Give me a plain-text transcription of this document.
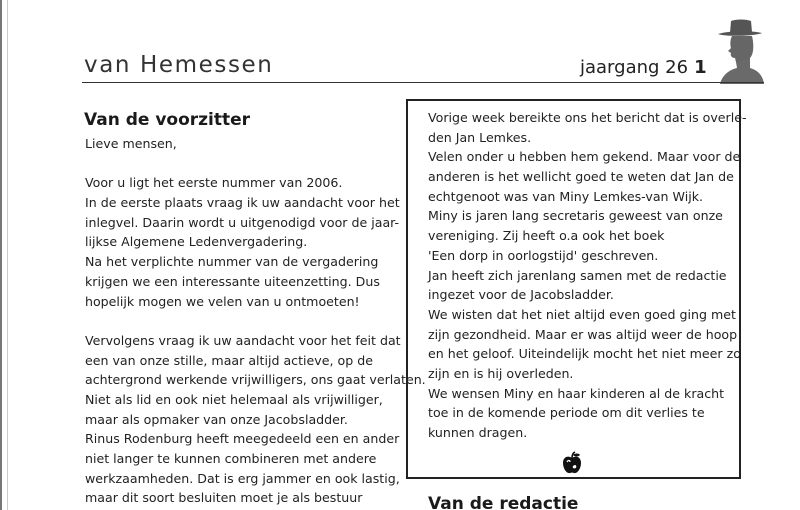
van Hemessen	jaargang 26 1
Van de voorzitter
Lieve mensen,
Voor u ligt het eerste nummer van 2006.
In de eerste plaats vraag ik uw aandacht voor het
inlegvel. Daarin wordt u uitgenodigd voor de jaar-
lijkse Algemene Ledenvergadering.
Na het verplichte nummer van de vergadering
krijgen we een interessante uiteenzetting. Dus
hopelijk mogen we velen van u ontmoeten!
Vervolgens vraag ik uw aandacht voor het feit dat
een van onze stille, maar altijd actieve, op de
achtergrond werkende vrijwilligers, ons gaat verlaten.
Niet als lid en ook niet helemaal als vrijwilliger,
maar als opmaker van onze Jacobsladder.
Rinus Rodenburg heeft meegedeeld een en ander
niet langer te kunnen combineren met andere
werkzaamheden. Dat is erg jammer en ook lastig,
maar dit soort besluiten moet je als bestuur
Vorige week bereikte ons het bericht dat is overle-
den Jan Lemkes.
Velen onder u hebben hem gekend. Maar voor de
anderen is het wellicht goed te weten dat Jan de
echtgenoot was van Miny Lemkes-van Wijk.
Miny is jaren lang secretaris geweest van onze
vereniging. Zij heeft o.a ook het boek
'Een dorp in oorlogstijd' geschreven.
Jan heeft zich jarenlang samen met de redactie
ingezet voor de Jacobsladder.
We wisten dat het niet altijd even goed ging met
zijn gezondheid. Maar er was altijd weer de hoop
en het geloof. Uiteindelijk mocht het niet meer zo
zijn en is hij overleden.
We wensen Miny en haar kinderen al de kracht
toe in de komende periode om dit verlies te
kunnen dragen.
Van de redactie
